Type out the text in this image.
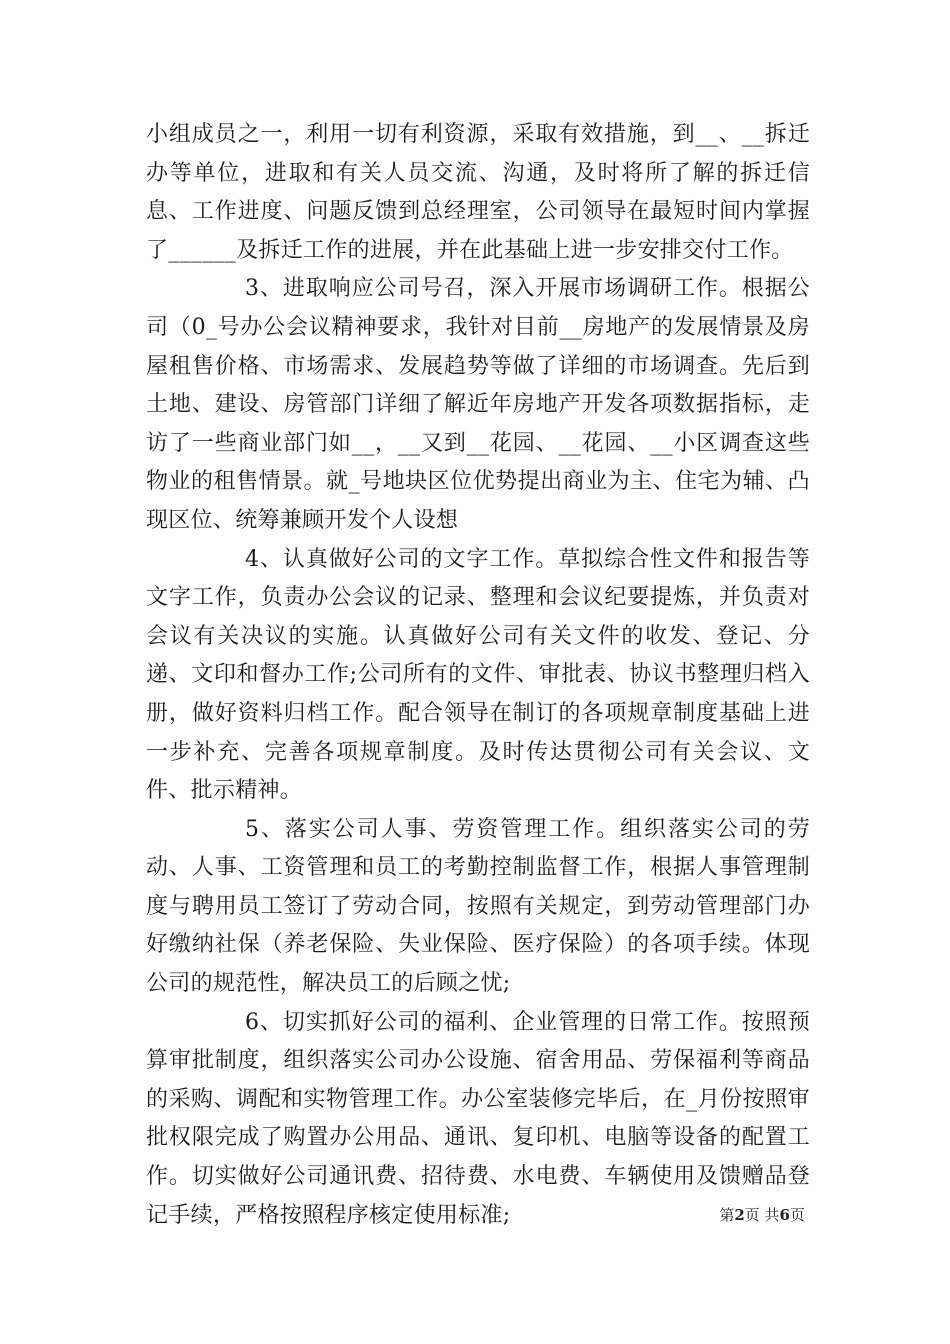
小组成员之一，利用一切有利资源，采取有效措施，到__、__拆迁办等单位，进取和有关人员交流、沟通，及时将所了解的拆迁信息、工作进度、问题反馈到总经理室，公司领导在最短时间内掌握了______及拆迁工作的进展，并在此基础上进一步安排交付工作。

3、进取响应公司号召，深入开展市场调研工作。根据公司（0_号办公会议精神要求，我针对目前__房地产的发展情景及房屋租售价格、市场需求、发展趋势等做了详细的市场调查。先后到土地、建设、房管部门详细了解近年房地产开发各项数据指标，走访了一些商业部门如__，__又到__花园、__花园、__小区调查这些物业的租售情景。就_号地块区位优势提出商业为主、住宅为辅、凸现区位、统筹兼顾开发个人设想

4、认真做好公司的文字工作。草拟综合性文件和报告等文字工作，负责办公会议的记录、整理和会议纪要提炼，并负责对会议有关决议的实施。认真做好公司有关文件的收发、登记、分递、文印和督办工作;公司所有的文件、审批表、协议书整理归档入册，做好资料归档工作。配合领导在制订的各项规章制度基础上进一步补充、完善各项规章制度。及时传达贯彻公司有关会议、文件、批示精神。

5、落实公司人事、劳资管理工作。组织落实公司的劳动、人事、工资管理和员工的考勤控制监督工作，根据人事管理制度与聘用员工签订了劳动合同，按照有关规定，到劳动管理部门办好缴纳社保（养老保险、失业保险、医疗保险）的各项手续。体现公司的规范性，解决员工的后顾之忧;

6、切实抓好公司的福利、企业管理的日常工作。按照预算审批制度，组织落实公司办公设施、宿舍用品、劳保福利等商品的采购、调配和实物管理工作。办公室装修完毕后，在_月份按照审批权限完成了购置办公用品、通讯、复印机、电脑等设备的配置工作。切实做好公司通讯费、招待费、水电费、车辆使用及馈赠品登记手续，严格按照程序核定使用标准;	第2页 共6页
